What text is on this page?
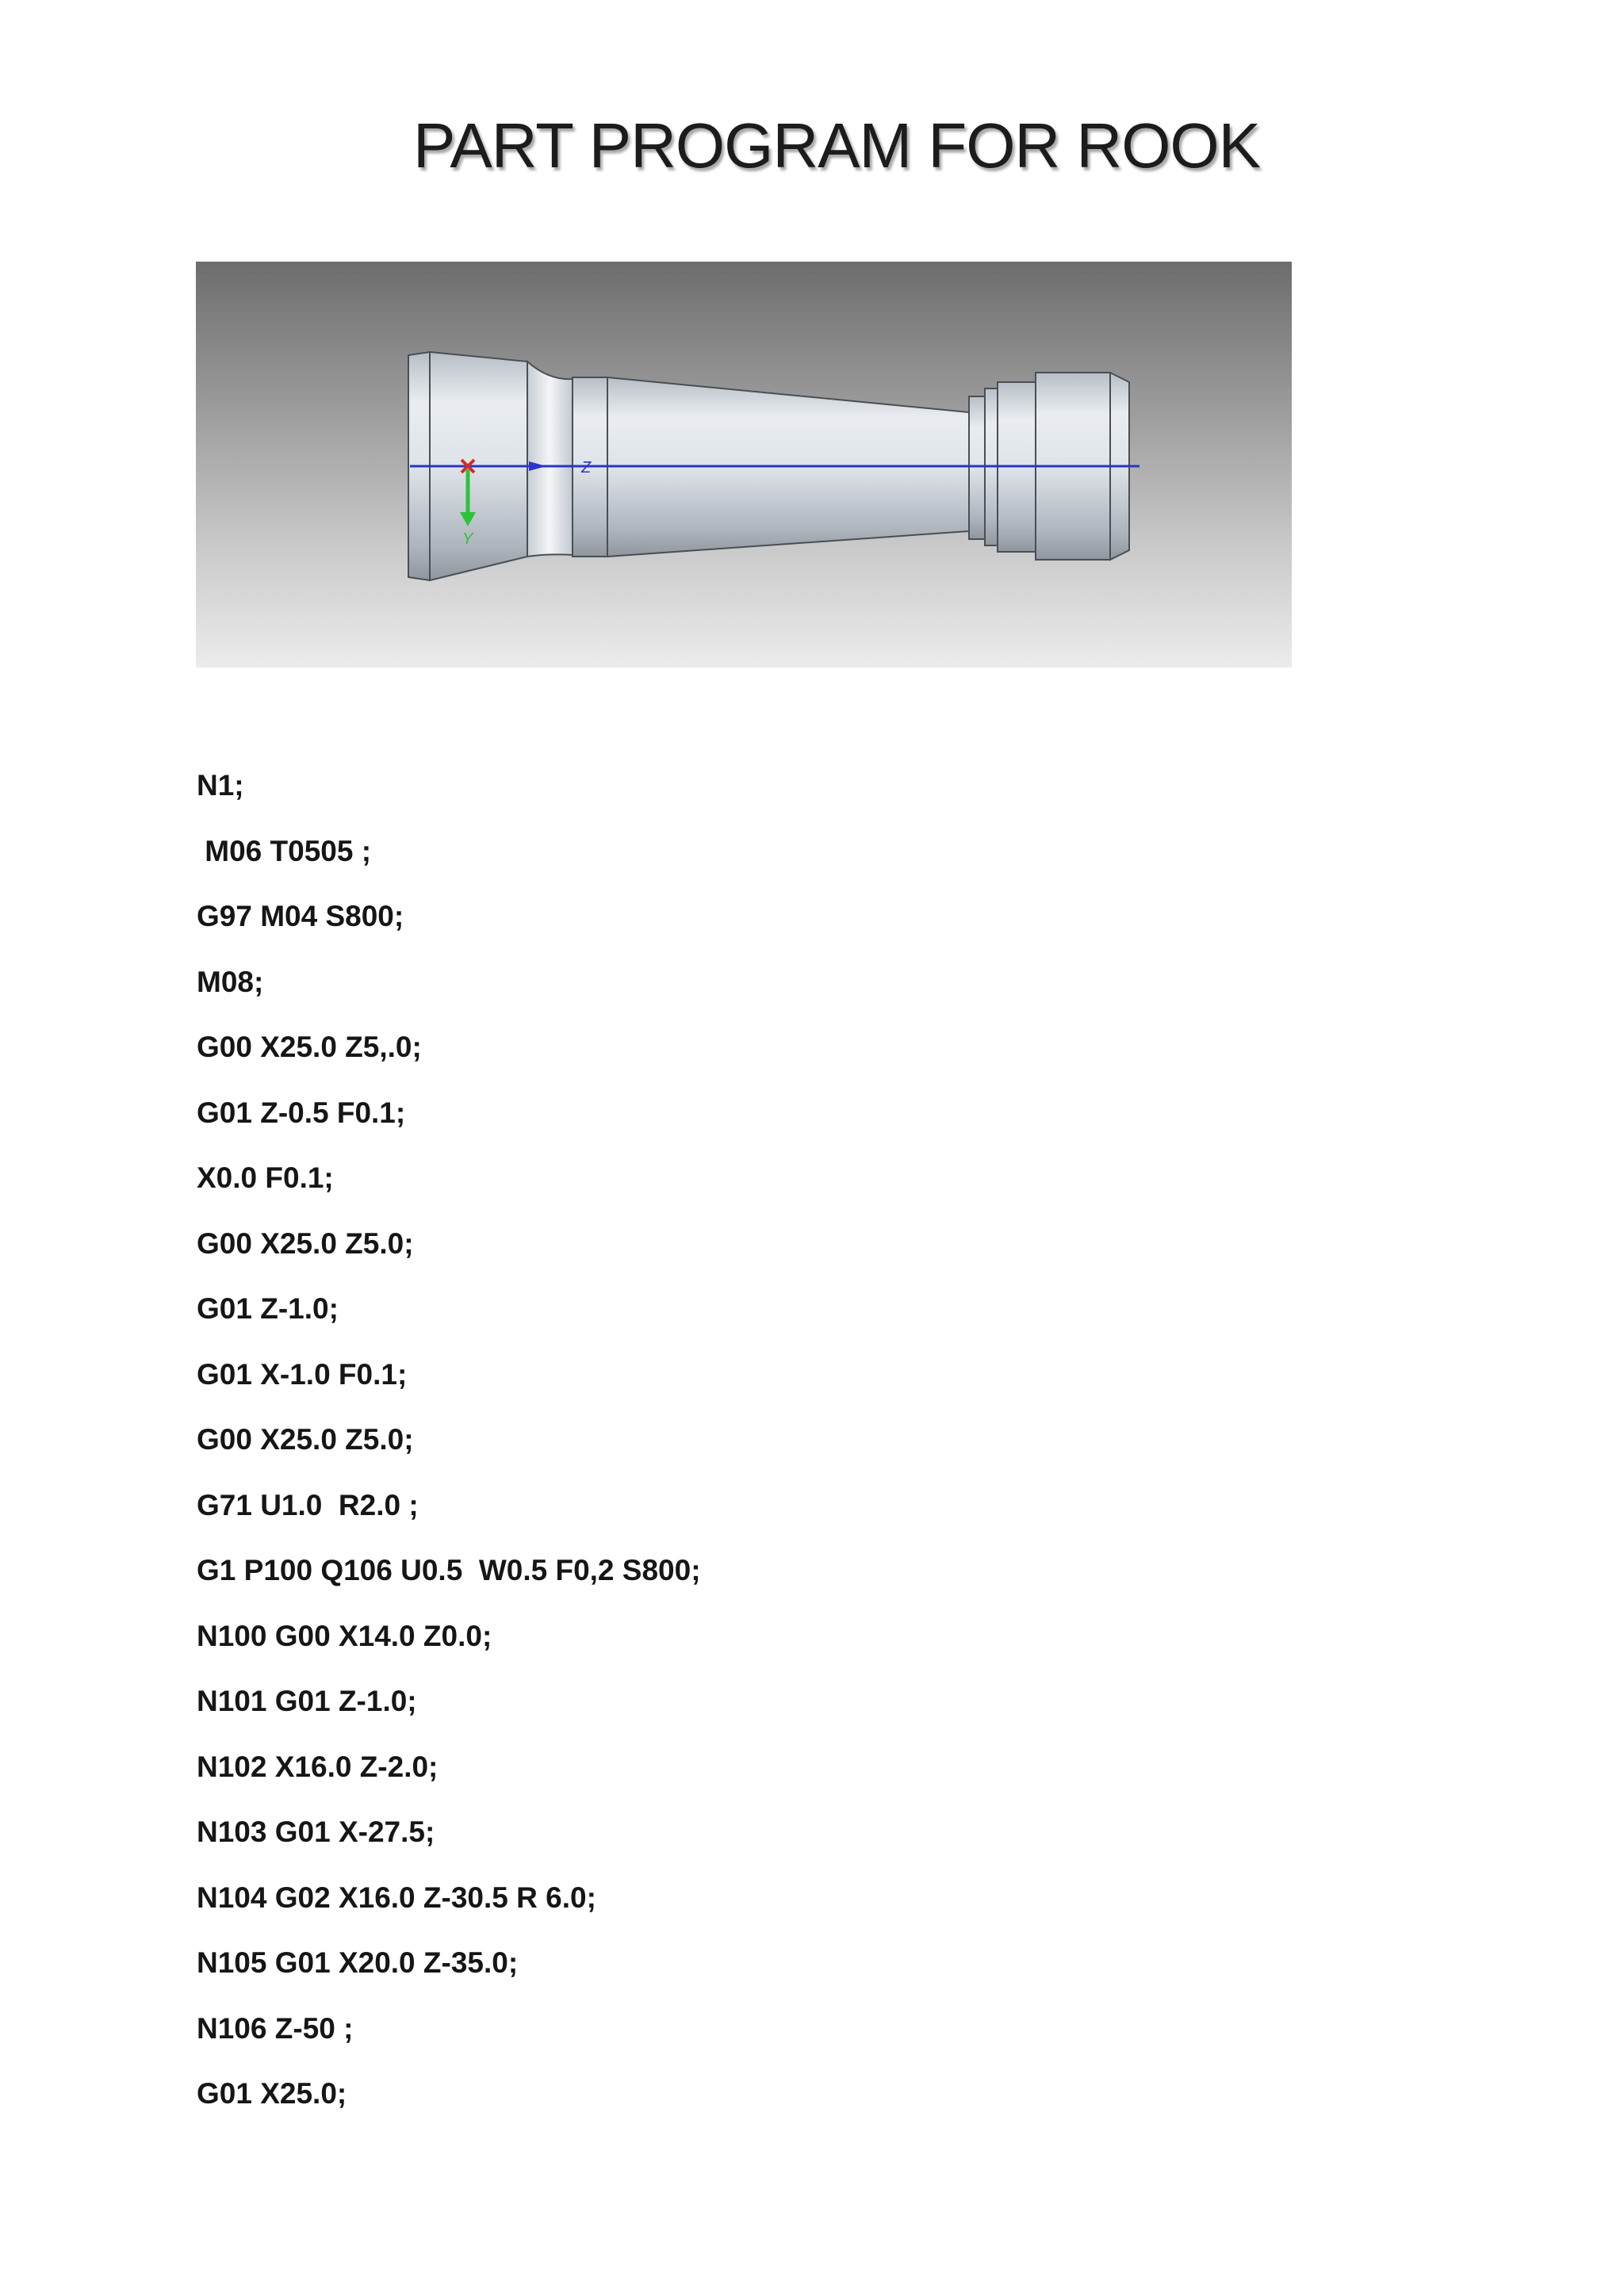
PART PROGRAM FOR ROOK
Z
Y
N1;
M06 T0505 ;
G97 M04 S800;
M08;
G00 X25.0 Z5,.0;
G01 Z-0.5 F0.1;
X0.0 F0.1;
G00 X25.0 Z5.0;
G01 Z-1.0;
G01 X-1.0 F0.1;
G00 X25.0 Z5.0;
G71 U1.0  R2.0 ;
G1 P100 Q106 U0.5  W0.5 F0,2 S800;
N100 G00 X14.0 Z0.0;
N101 G01 Z-1.0;
N102 X16.0 Z-2.0;
N103 G01 X-27.5;
N104 G02 X16.0 Z-30.5 R 6.0;
N105 G01 X20.0 Z-35.0;
N106 Z-50 ;
G01 X25.0;
